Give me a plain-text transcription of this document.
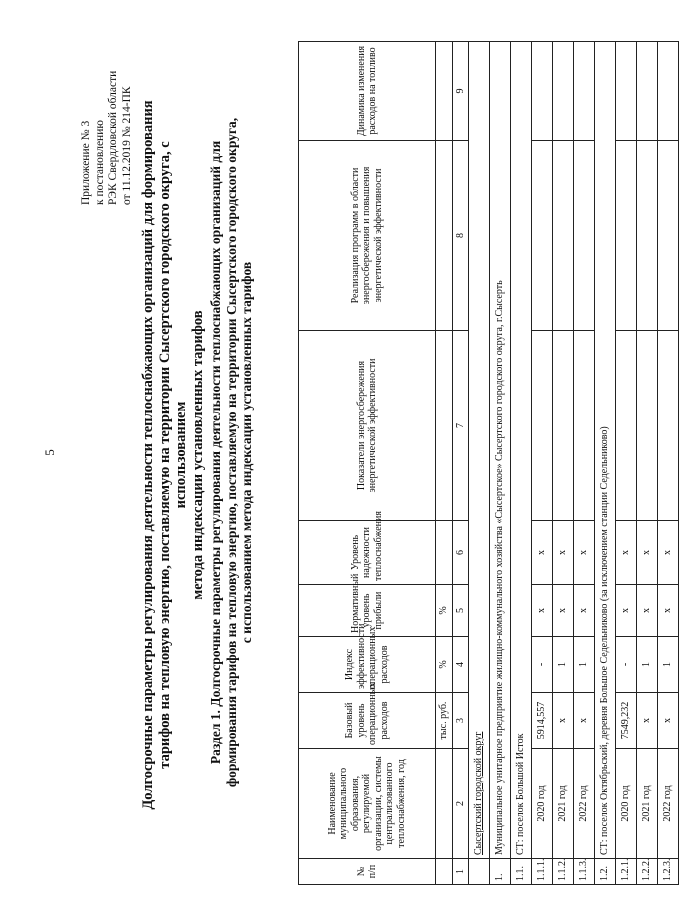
5
Приложение № 3 к постановлению РЭК Свердловской области от 11.12.2019 № 214-ПК Долгосрочные параметры регулирования деятельности теплоснабжающих организаций для формирования тарифов на тепловую энергию, поставляемую на территории Сысертского городского округа, с использованием метода индексации установленных тарифов Раздел 1. Долгосрочные параметры регулирования деятельности теплоснабжающих организаций для формирования тарифов на тепловую энергию, поставляемую на территории Сысертского городского округа, с использованием метода индексации установленных тарифов
№ п/п	Наименование муниципального образования, регулируемой организации, системы централизованного теплоснабжения, год	Базовый уровень операционных расходов	Индекс эффективности операционных расходов	Нормативный уровень прибыли	Уровень надежности теплоснабжения	Показатели энергосбережения энергетической эффективности	Реализация программ в области энергосбережения и повышения энергетической эффективности	Динамика изменения расходов на топливо
		тыс. руб.	%	%				
1	2	3	4	5	6	7	8	9
	Сысертский городской округ							
1.	Муниципальное унитарное предприятие жилищно-коммунального хозяйства «Сысертское» Сысертского городского округа, г.Сысерть							
1.1.	СТ: поселок Большой Исток							
1.1.1.	2020 год	5914,557	-	х	х			
1.1.2.	2021 год	х	1	х	х			
1.1.3.	2022 год	х	1	х	х			
1.2.	СТ: поселок Октябрьский, деревня Большое Седельниково (за исключением станции Седельниково)							
1.2.1.	2020 год	7549,232	-	х	х			
1.2.2.	2021 год	х	1	х	х			
1.2.3.	2022 год	х	1	х	х			
